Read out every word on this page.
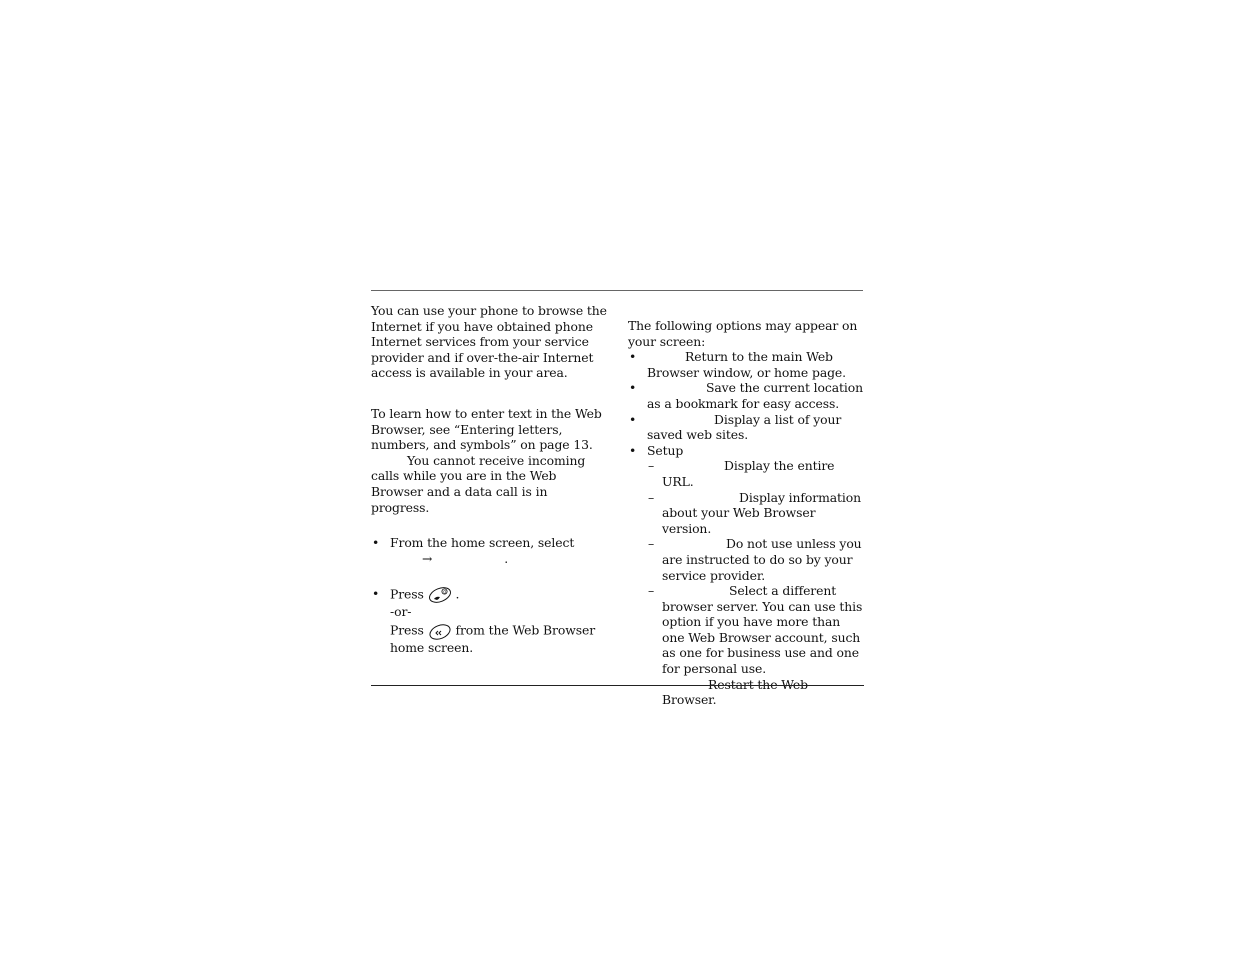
You can use your phone to browse the Internet if you have obtained phone Internet services from your service provider and if over-the-air Internet access is available in your area.

To learn how to enter text in the Web Browser, see “Entering letters, numbers, and symbols” on page 13.

You cannot receive incoming calls while you are in the Web Browser and a data call is in progress.

• From the home screen, select
→	.

• Press	0 .
-or-
Press	from the Web Browser
home screen.

The following options may appear on your screen:

•	Return to the main Web
Browser window, or home page.

•	Save the current location
as a bookmark for easy access.

•	Display a list of your
saved web sites.

• Setup

–	Display the entire URL.

–	Display information
about your Web Browser version.

–	Do not use unless you
are instructed to do so by your service provider.

–	Select a different
browser server. You can use this option if you have more than one Web Browser account, such as one for business use and one for personal use.

–	Restart the Web Browser.
